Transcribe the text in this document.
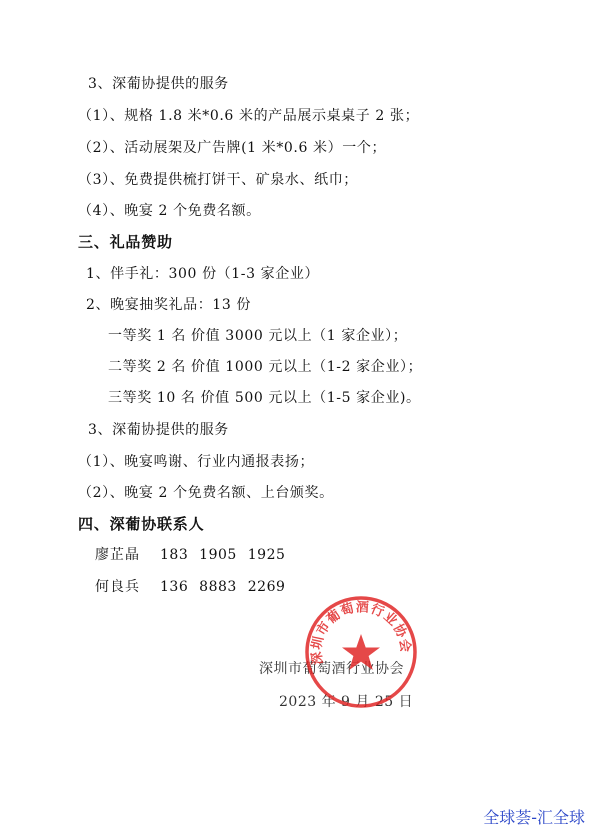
3、深葡协提供的服务
（1）、规格 1.8 米*0.6 米的产品展示桌桌子 2 张；
（2）、活动展架及广告牌(1 米*0.6 米）一个；
（3）、免费提供梳打饼干、矿泉水、纸巾；
（4）、晚宴 2 个免费名额。
三、礼品赞助
1、伴手礼：300 份（1-3 家企业）
2、晚宴抽奖礼品：13 份
一等奖 1 名 价值 3000 元以上（1 家企业）；
二等奖 2 名 价值 1000 元以上（1-2 家企业）；
三等奖 10 名 价值 500 元以上（1-5 家企业)。
3、深葡协提供的服务
（1）、晚宴鸣谢、行业内通报表扬；
（2）、晚宴 2 个免费名额、上台颁奖。
四、深葡协联系人
廖芷晶 183 1905 1925
何良兵 136 8883 2269
深圳市葡萄酒行业协会
2023 年 9 月 25 日
深圳市葡萄酒行业协会
全球荟-汇全球
